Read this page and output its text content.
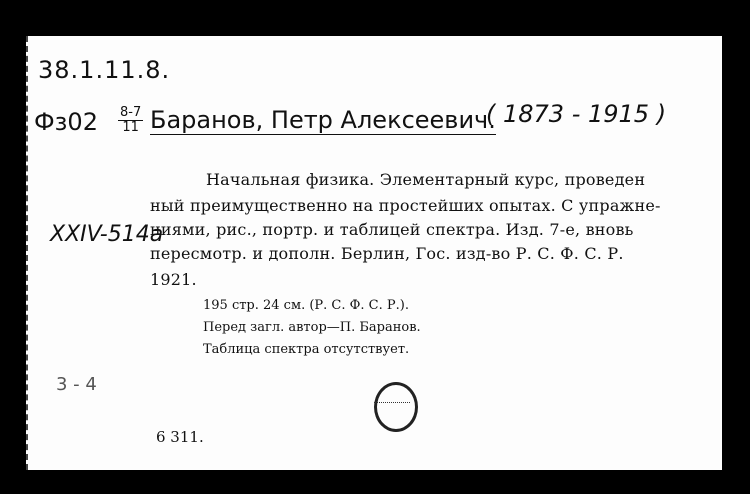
38.1.11.8.
Фз02 8-7
11 Баранов, Петр Алексеевич.
( 1873 - 1915 )
XXIV-514a
Начальная физика. Элементарный курс, проведен
ный преимущественно на простейших опытах. С упражне-
ниями, рис., портр. и таблицей спектра. Изд. 7-е, вновь
пересмотр. и дополн. Берлин, Гос. изд-во Р. С. Ф. С. Р.
1921.
195 стр. 24 см. (Р. С. Ф. С. Р.).
Перед загл. автор—П. Баранов.
Таблица спектра отсутствует.
3 - 4
6 311.
